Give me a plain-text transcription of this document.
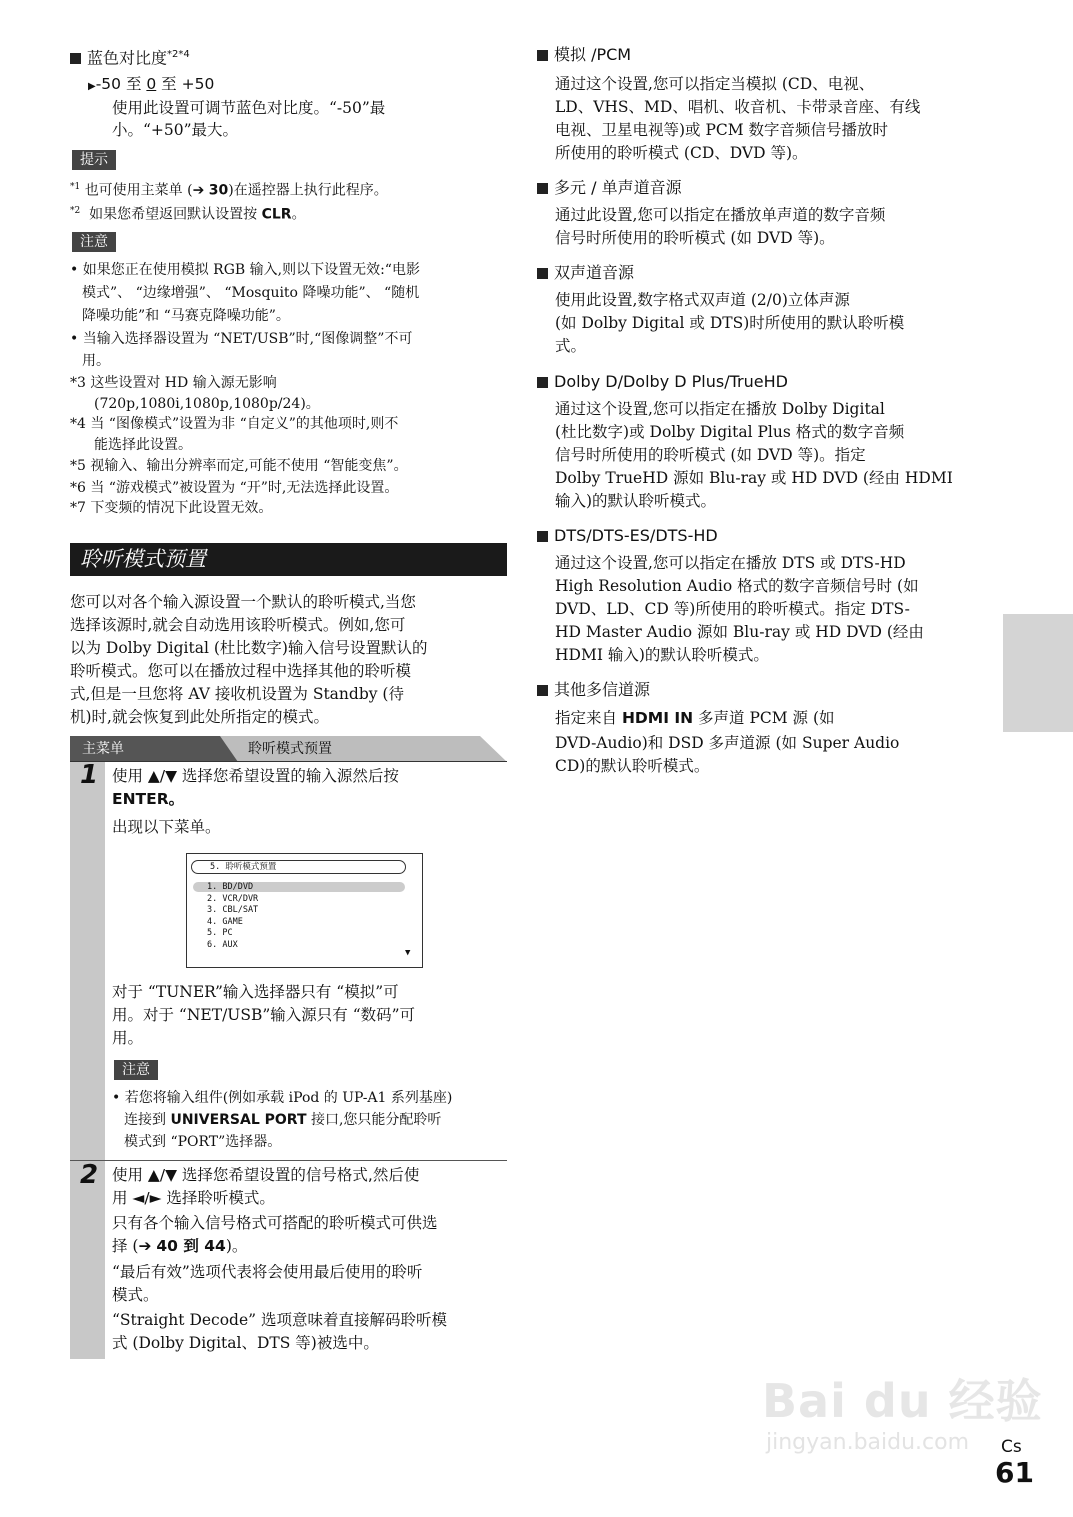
蓝色对比度$^{*2*4}$
▶-50 至 0 至 +50
使用此设置可调节蓝色对比度。“-50”最
小。“+50”最大。
提示
$^{*1}$ 也可使用主菜单 (➔ 30)在遥控器上执行此程序。
$^{*2}$ 如果您希望返回默认设置按 CLR。
注意
• 如果您正在使用模拟 RGB 输入,则以下设置无效:“电影
模式”、 “边缘增强”、 “Mosquito 降噪功能”、 “随机
降噪功能”和 “马赛克降噪功能”。
• 当输入选择器设置为 “NET/USB”时,“图像调整”不可
用。
*3 这些设置对 HD 输入源无影响
(720p,1080i,1080p,1080p/24)。
*4 当 “图像模式”设置为非 “自定义”的其他项时,则不
能选择此设置。
*5 视输入、输出分辨率而定,可能不使用 “智能变焦”。
*6 当 “游戏模式”被设置为 “开”时,无法选择此设置。
*7 下变频的情况下此设置无效。
聆听模式预置
您可以对各个输入源设置一个默认的聆听模式,当您
选择该源时,就会自动选用该聆听模式。例如,您可
以为 Dolby Digital (杜比数字)输入信号设置默认的
聆听模式。您可以在播放过程中选择其他的聆听模
式,但是一旦您将 AV 接收机设置为 Standby (待
机)时,就会恢复到此处所指定的模式。
主菜单	聆听模式预置
1 使用 ▲/▼ 选择您希望设置的输入源然后按
ENTER。
出现以下菜单。
5. 聆听模式预置
1. BD/DVD
2. VCR/DVR
3. CBL/SAT
4. GAME
5. PC
6. AUX
▼
对于 “TUNER”输入选择器只有 “模拟”可
用。对于 “NET/USB”输入源只有 “数码”可
用。
注意
• 若您将输入组件(例如承载 iPod 的 UP-A1 系列基座)
连接到 UNIVERSAL PORT 接口,您只能分配聆听
模式到 “PORT”选择器。
2 使用 ▲/▼ 选择您希望设置的信号格式,然后使
用 ◄/► 选择聆听模式。
只有各个输入信号格式可搭配的聆听模式可供选
择 (➔ 40 到 44)。
“最后有效”选项代表将会使用最后使用的聆听
模式。
“Straight Decode” 选项意味着直接解码聆听模
式 (Dolby Digital、DTS 等)被选中。
模拟 /PCM
通过这个设置,您可以指定当模拟 (CD、电视、
LD、VHS、MD、唱机、收音机、卡带录音座、有线
电视、卫星电视等)或 PCM 数字音频信号播放时
所使用的聆听模式 (CD、DVD 等)。
多元 / 单声道音源
通过此设置,您可以指定在播放单声道的数字音频
信号时所使用的聆听模式 (如 DVD 等)。
双声道音源
使用此设置,数字格式双声道 (2/0)立体声源
(如 Dolby Digital 或 DTS)时所使用的默认聆听模
式。
Dolby D/Dolby D Plus/TrueHD
通过这个设置,您可以指定在播放 Dolby Digital
(杜比数字)或 Dolby Digital Plus 格式的数字音频
信号时所使用的聆听模式 (如 DVD 等)。指定
Dolby TrueHD 源如 Blu-ray 或 HD DVD (经由 HDMI
输入)的默认聆听模式。
DTS/DTS-ES/DTS-HD
通过这个设置,您可以指定在播放 DTS 或 DTS-HD
High Resolution Audio 格式的数字音频信号时 (如
DVD、LD、CD 等)所使用的聆听模式。指定 DTS-
HD Master Audio 源如 Blu-ray 或 HD DVD (经由
HDMI 输入)的默认聆听模式。
其他多信道源
指定来自 HDMI IN 多声道 PCM 源 (如
DVD-Audio)和 DSD 多声道源 (如 Super Audio
CD)的默认聆听模式。
Bai du 经验
jingyan.baidu.com Cs
61
